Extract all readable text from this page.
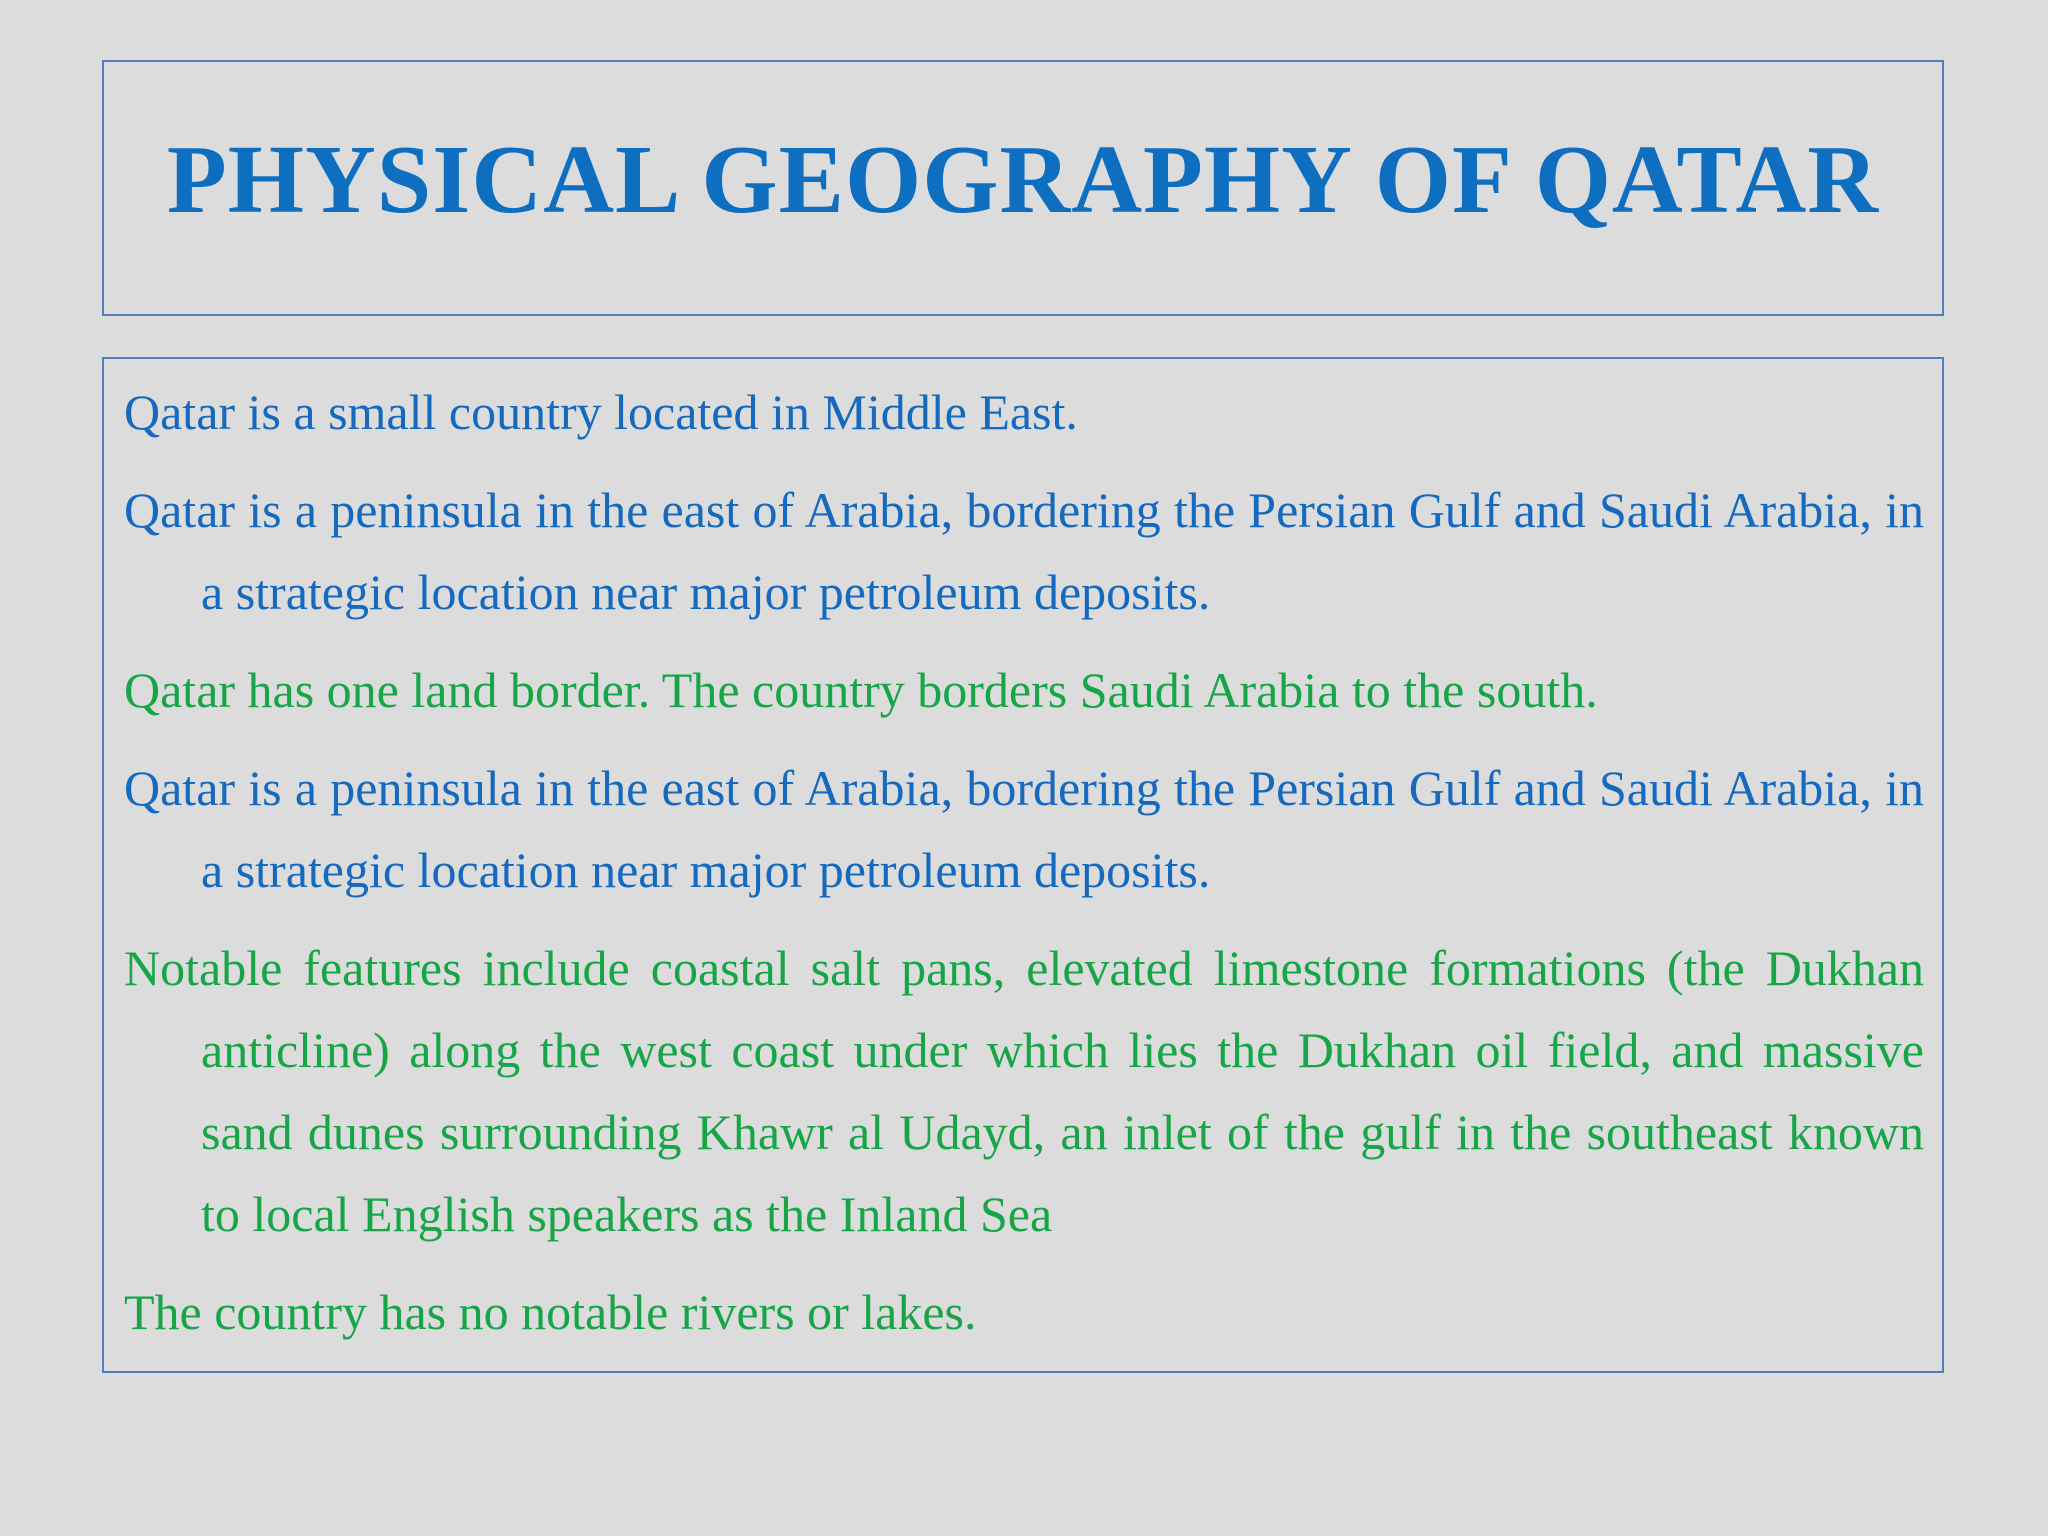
PHYSICAL GEOGRAPHY OF QATAR
Qatar is a small country located in Middle East.
Qatar is a peninsula in the east of Arabia, bordering the Persian Gulf and Saudi Arabia, in a strategic location near major petroleum deposits.
Qatar has one land border. The country borders Saudi Arabia to the south.
Qatar is a peninsula in the east of Arabia, bordering the Persian Gulf and Saudi Arabia, in a strategic location near major petroleum deposits.
Notable features include coastal salt pans, elevated limestone formations (the Dukhan anticline) along the west coast under which lies the Dukhan oil field, and massive sand dunes surrounding Khawr al Udayd, an inlet of the gulf in the southeast known to local English speakers as the Inland Sea
The country has no notable rivers or lakes.
